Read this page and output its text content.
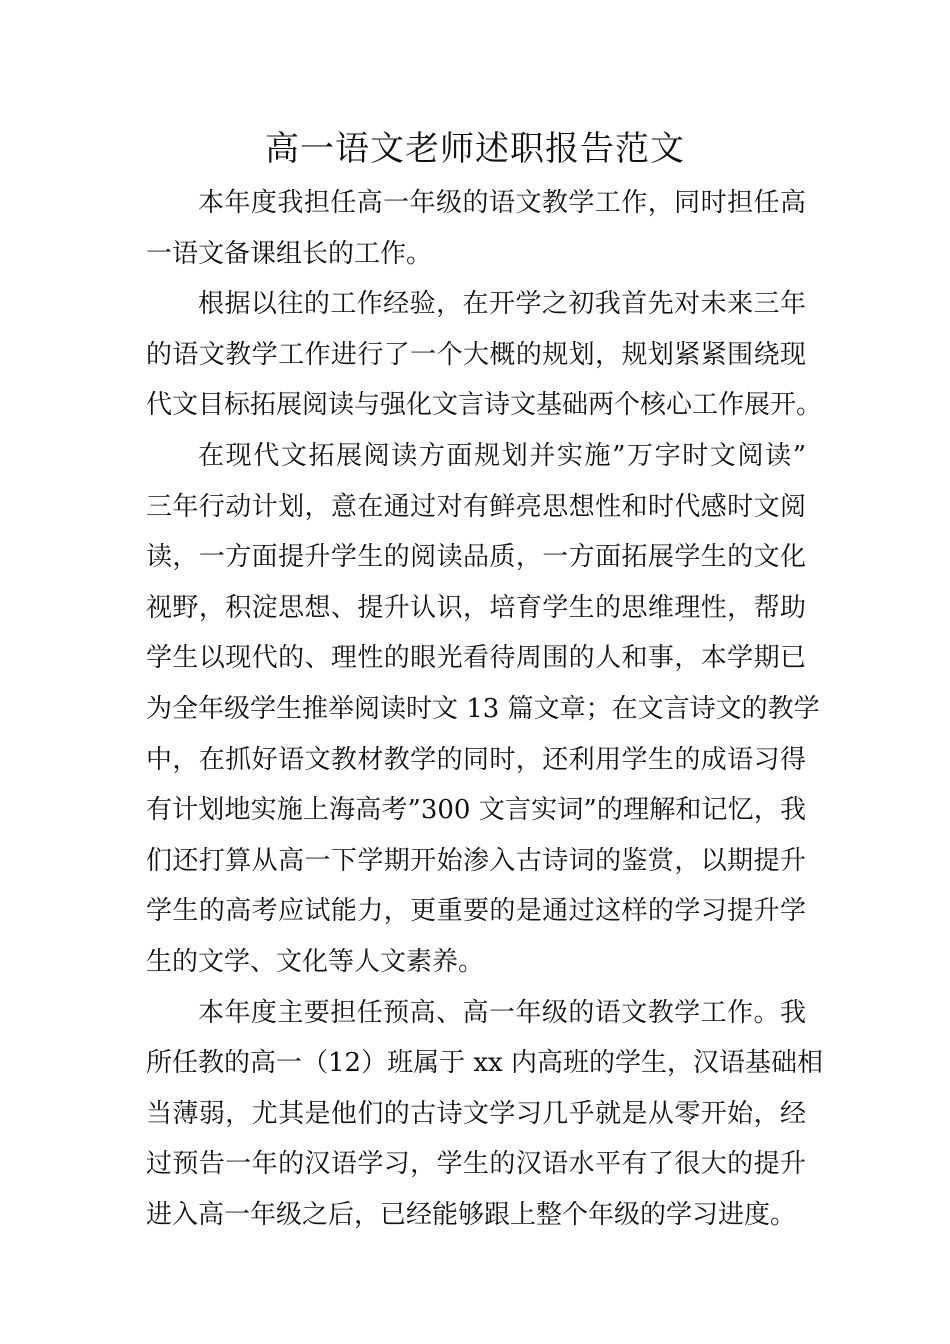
高一语文老师述职报告范文
本年度我担任高一年级的语文教学工作，同时担任高
一语文备课组长的工作。
根据以往的工作经验，在开学之初我首先对未来三年
的语文教学工作进行了一个大概的规划，规划紧紧围绕现
代文目标拓展阅读与强化文言诗文基础两个核心工作展开。
在现代文拓展阅读方面规划并实施”万字时文阅读”
三年行动计划，意在通过对有鲜亮思想性和时代感时文阅
读，一方面提升学生的阅读品质，一方面拓展学生的文化
视野，积淀思想、提升认识，培育学生的思维理性，帮助
学生以现代的、理性的眼光看待周围的人和事，本学期已
为全年级学生推举阅读时文 13 篇文章；在文言诗文的教学
中，在抓好语文教材教学的同时，还利用学生的成语习得
有计划地实施上海高考”300 文言实词”的理解和记忆，我
们还打算从高一下学期开始渗入古诗词的鉴赏，以期提升
学生的高考应试能力，更重要的是通过这样的学习提升学
生的文学、文化等人文素养。
本年度主要担任预高、高一年级的语文教学工作。我
所任教的高一（12）班属于 xx 内高班的学生，汉语基础相
当薄弱，尤其是他们的古诗文学习几乎就是从零开始，经
过预告一年的汉语学习，学生的汉语水平有了很大的提升
进入高一年级之后，已经能够跟上整个年级的学习进度。
